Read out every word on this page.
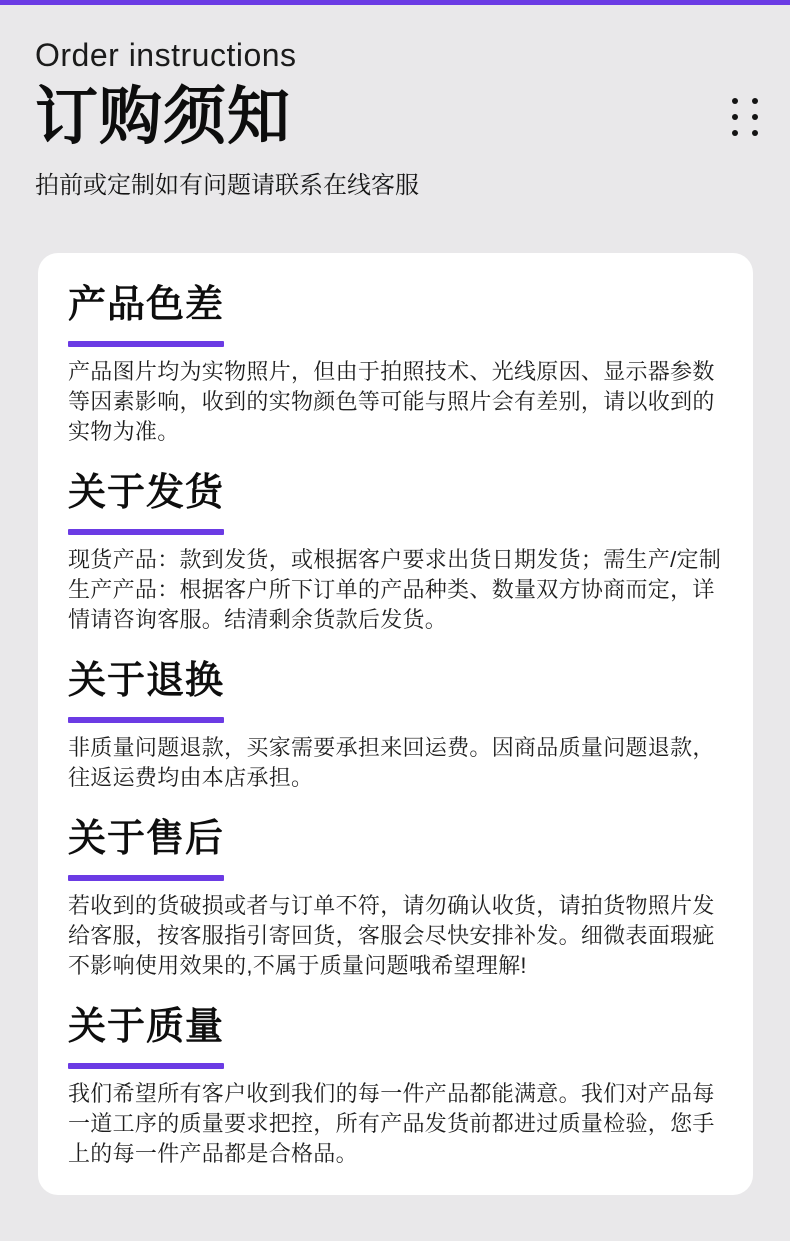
Order instructions
订购须知
拍前或定制如有问题请联系在线客服
产品色差

产品图片均为实物照片，但由于拍照技术、光线原因、显示器参数等因素影响，收到的实物颜色等可能与照片会有差别，请以收到的实物为准。

关于发货

现货产品：款到发货，或根据客户要求出货日期发货；需生产/定制生产产品：根据客户所下订单的产品种类、数量双方协商而定，详情请咨询客服。结清剩余货款后发货。

关于退换

非质量问题退款，买家需要承担来回运费。因商品质量问题退款，往返运费均由本店承担。

关于售后

若收到的货破损或者与订单不符，请勿确认收货，请拍货物照片发给客服，按客服指引寄回货，客服会尽快安排补发。细微表面瑕疵不影响使用效果的,不属于质量问题哦希望理解!

关于质量

我们希望所有客户收到我们的每一件产品都能满意。我们对产品每一道工序的质量要求把控，所有产品发货前都进过质量检验，您手上的每一件产品都是合格品。
